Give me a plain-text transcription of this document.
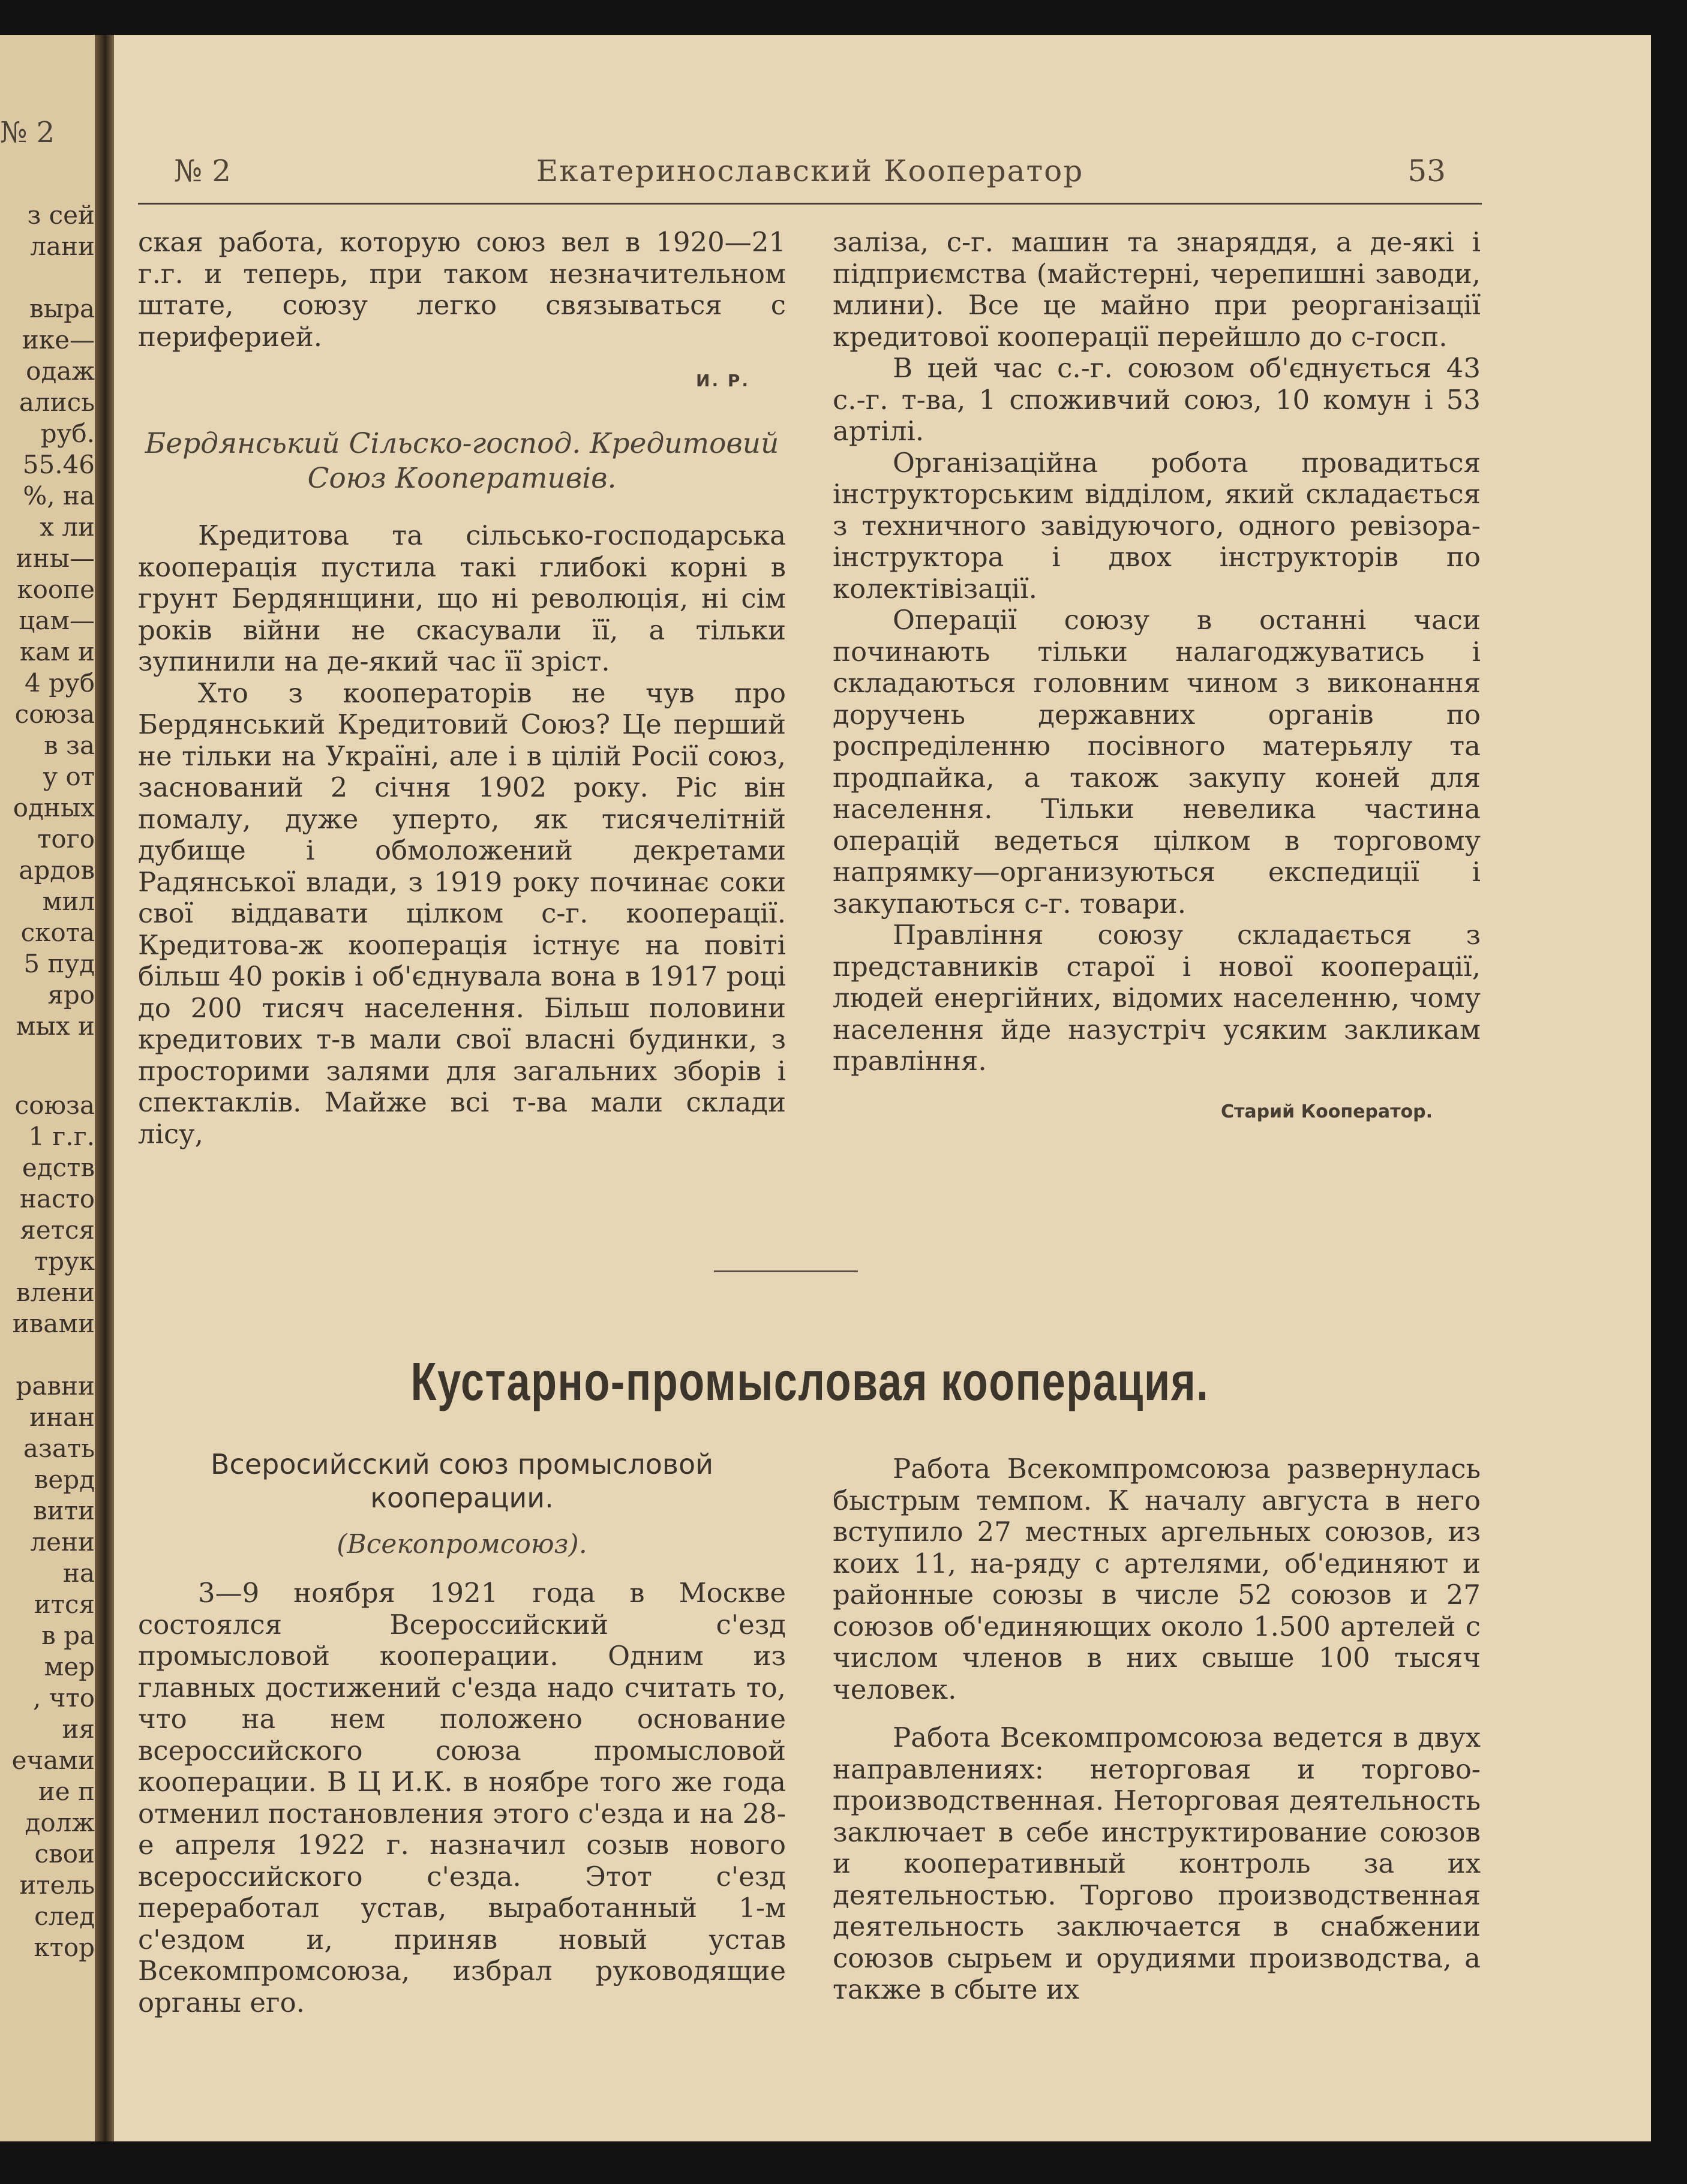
№ 2
з сей
лани
выра
ике—
одаж
ались
руб.
55.46
%, на
х ли
ины—
коопе
цам—
кам и
4 руб
союза
в за
у от
одных
того
ардов
мил
скота
5 пуд
яро
мых и
союза
1 г.г.
едств
насто
яется
трук
влени
ивами
равни
инан
азать
верд
вити
лени
на
ится
в ра
мер
, что
ия
ечами
ие п
долж
свои
итель
след
ктор
№ 2	Екатеринославский Кооператор	53

ская работа, которую союз вел в 1920—21 г.г. и теперь, при таком незначительном штате, союзу легко связываться с периферией.

И. Р.
Бердянський Сільско-господ. Кредитовий Союз Кооперативів.

Кредитова та сільсько-господарська кооперація пустила такі глибокі корні в грунт Бердянщини, що ні революція, ні сім років війни не скасували її, а тільки зупинили на де-який час її зріст.

Хто з кооператорів не чув про Бердянський Кредитовий Союз? Це перший не тільки на Україні, але і в цілій Росії союз, заснований 2 січня 1902 року. Ріс він помалу, дуже уперто, як тисячелітній дубище і обмоложений декретами Радянської влади, з 1919 року починає соки свої віддавати цілком с-г. кооперації. Кредитова-ж кооперація істнує на повіті більш 40 років і об'єднувала вона в 1917 році до 200 тисяч населення. Більш половини кредитових т-в мали свої власні будинки, з просторими залями для загальних зборів і спектаклів. Майже всі т-ва мали склади лісу,

заліза, с-г. машин та знаряддя, а де-які і підприємства (майстерні, черепишні заводи, млини). Все це майно при реорганізації кредитової кооперації перейшло до с-госп.

В цей час с.-г. союзом об'єднується 43 с.-г. т-ва, 1 споживчий союз, 10 комун і 53 артілі.

Організаційна робота провадиться інструкторським відділом, який складається з техничного завідуючого, одного ревізора-інструктора і двох інструкторів по колектівізації.

Операції союзу в останні часи починають тільки налагоджуватись і складаються головним чином з виконання доручень державних органів по роспреділенню посівного матерьялу та продпайка, а також закупу коней для населення. Тільки невелика частина операцій ведеться цілком в торговому напрямку—организуються експедиції і закупаються с-г. товари.

Правління союзу складається з представників старої і нової кооперації, людей енергійних, відомих населенню, чому населення йде назустріч усяким закликам правління.

Старий Кооператор.
Кустарно-промысловая кооперация.
Всеросийсский союз промысловой кооперации.
(Всекопромсоюз).

3—9 ноября 1921 года в Москве состоялся Всероссийский с'езд промысловой кооперации. Одним из главных достижений с'езда надо считать то, что на нем положено основание всероссийского союза промысловой кооперации. В Ц И.К. в ноябре того же года отменил постановления этого с'езда и на 28-е апреля 1922 г. назначил созыв нового всероссийского с'езда. Этот с'езд переработал устав, выработанный 1-м с'ездом и, приняв новый устав Всекомпромсоюза, избрал руководящие органы его.

Работа Всекомпромсоюза развернулась быстрым темпом. К началу августа в него вступило 27 местных аргельных союзов, из коих 11, на-ряду с артелями, об'единяют и районные союзы в числе 52 союзов и 27 союзов об'единяющих около 1.500 артелей с числом членов в них свыше 100 тысяч человек.

Работа Всекомпромсоюза ведется в двух направлениях: неторговая и торгово-производственная. Неторговая деятельность заключает в себе инструктирование союзов и кооперативный контроль за их деятельностью. Торгово производственная деятельность заключается в снабжении союзов сырьем и орудиями производства, а также в сбыте их
